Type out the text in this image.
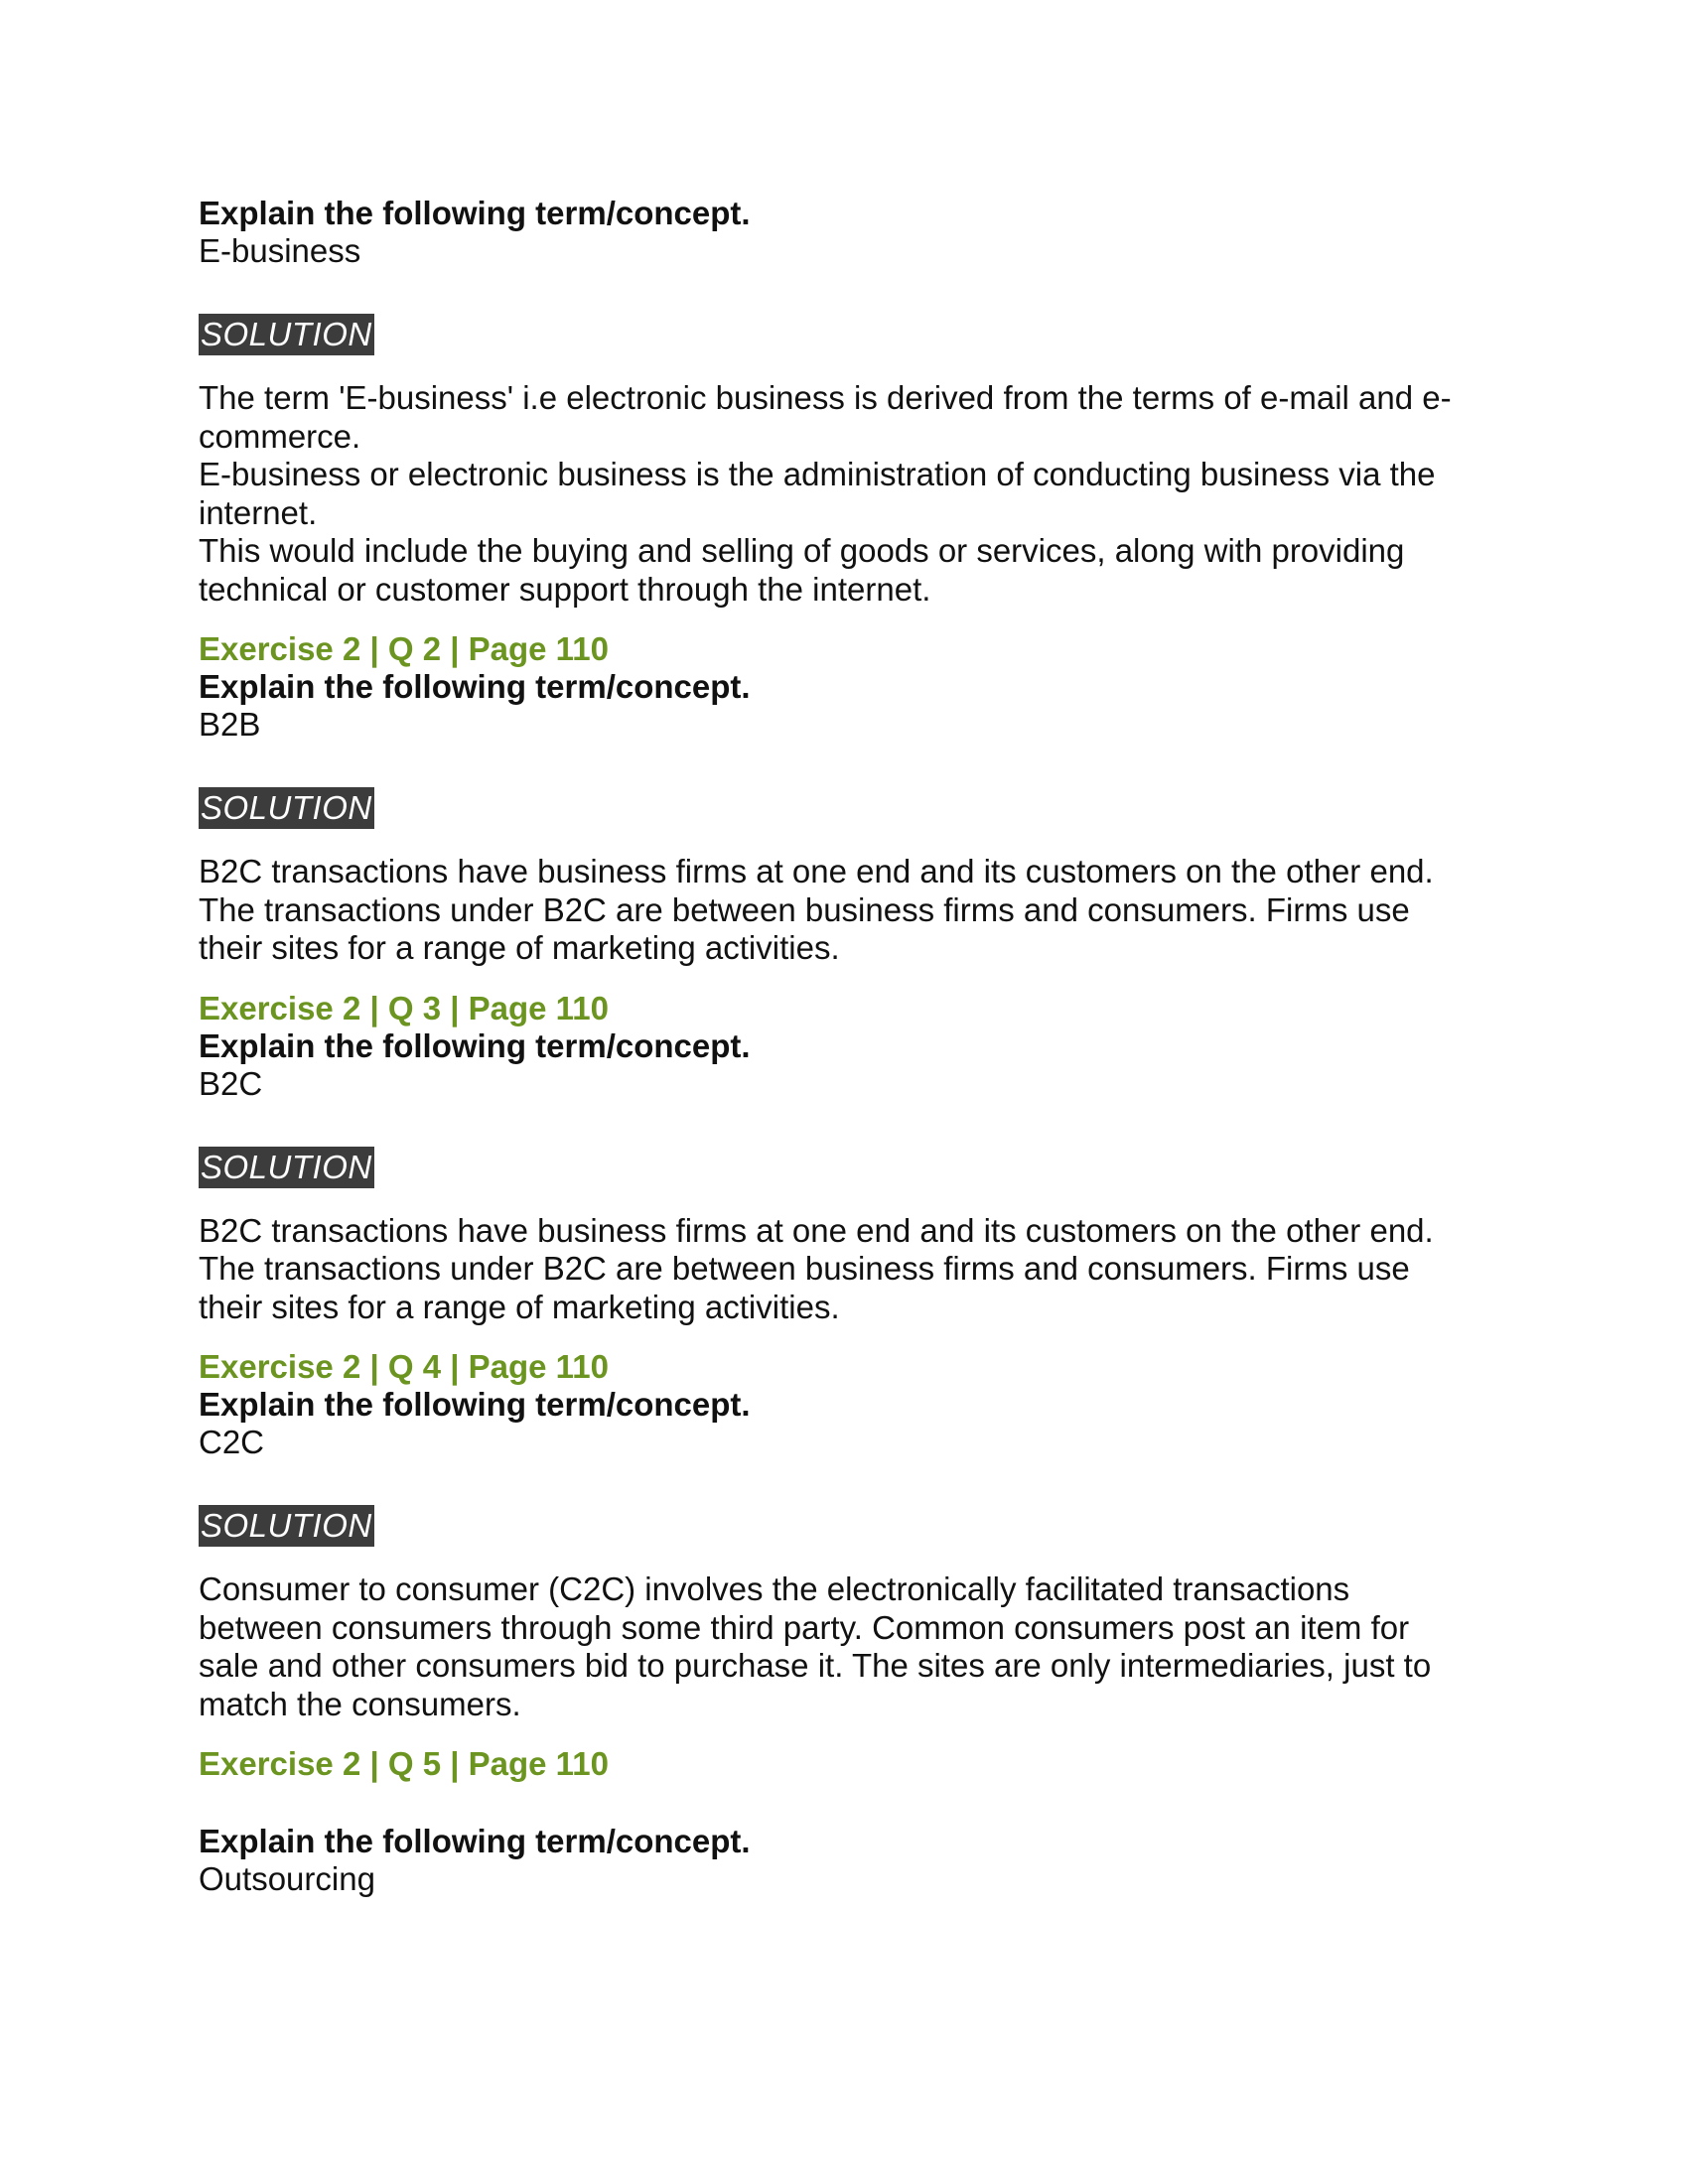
Explain the following term/concept.

E-business

SOLUTION

The term 'E-business' i.e electronic business is derived from the terms of e-mail and e-

commerce.

E-business or electronic business is the administration of conducting business via the

internet.

This would include the buying and selling of goods or services, along with providing

technical or customer support through the internet.

Exercise 2 | Q 2 | Page 110

Explain the following term/concept.

B2B

SOLUTION

B2C transactions have business firms at one end and its customers on the other end.

The transactions under B2C are between business firms and consumers. Firms use

their sites for a range of marketing activities.

Exercise 2 | Q 3 | Page 110

Explain the following term/concept.

B2C

SOLUTION

B2C transactions have business firms at one end and its customers on the other end.

The transactions under B2C are between business firms and consumers. Firms use

their sites for a range of marketing activities.

Exercise 2 | Q 4 | Page 110

Explain the following term/concept.

C2C

SOLUTION

Consumer to consumer (C2C) involves the electronically facilitated transactions

between consumers through some third party. Common consumers post an item for

sale and other consumers bid to purchase it. The sites are only intermediaries, just to

match the consumers.

Exercise 2 | Q 5 | Page 110

Explain the following term/concept.

Outsourcing
